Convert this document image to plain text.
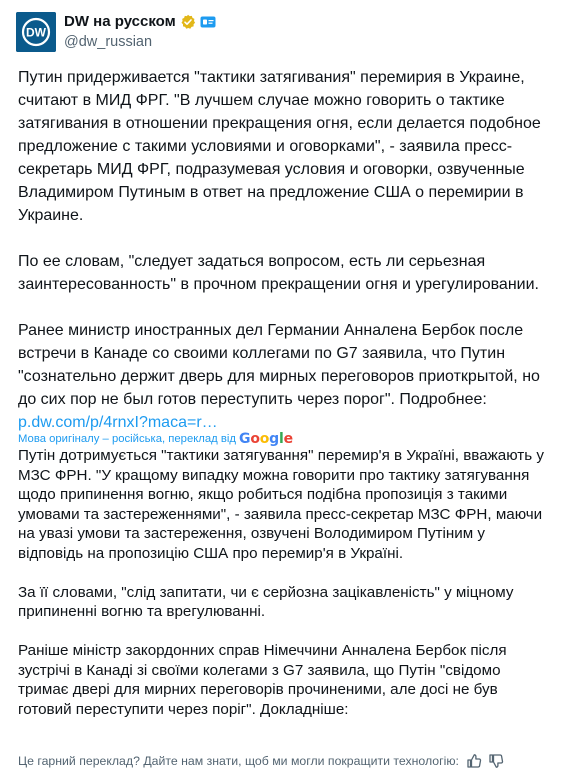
DW
DW на русском
@dw_russian

Путин придерживается "тактики затягивания" перемирия в Украине, считают в МИД ФРГ. "В лучшем случае можно говорить о тактике затягивания в отношении прекращения огня, если делается подобное предложение с такими условиями и оговорками", - заявила пресс-секретарь МИД ФРГ, подразумевая условия и оговорки, озвученные Владимиром Путиным в ответ на предложение США о перемирии в Украине.

По ее словам, "следует задаться вопросом, есть ли серьезная заинтересованность" в прочном прекращении огня и урегулировании.

Ранее министр иностранных дел Германии Анналена Бербок после встречи в Канаде со своими коллегами по G7 заявила, что Путин "сознательно держит дверь для мирных переговоров приоткрытой, но до сих пор не был готов переступить через порог". Подробнее:
p.dw.com/p/4rnxI?maca=r…

Мова оригіналу – російська, переклад від Google

Путін дотримується "тактики затягування" перемир'я в Україні, вважають у МЗС ФРН. "У кращому випадку можна говорити про тактику затягування щодо припинення вогню, якщо робиться подібна пропозиція з такими умовами та застереженнями", - заявила пресс-секретар МЗС ФРН, маючи на увазі умови та застереження, озвучені Володимиром Путіним у відповідь на пропозицію США про перемир'я в Україні.

За її словами, "слід запитати, чи є серйозна зацікавленість" у міцному припиненні вогню та врегулюванні.

Раніше міністр закордонних справ Німеччини Анналена Бербок після зустрічі в Канаді зі своїми колегами з G7 заявила, що Путін "свідомо тримає двері для мирних переговорів прочиненими, але досі не був готовий переступити через поріг". Докладніше:

Це гарний переклад? Дайте нам знати, щоб ми могли покращити технологію:
